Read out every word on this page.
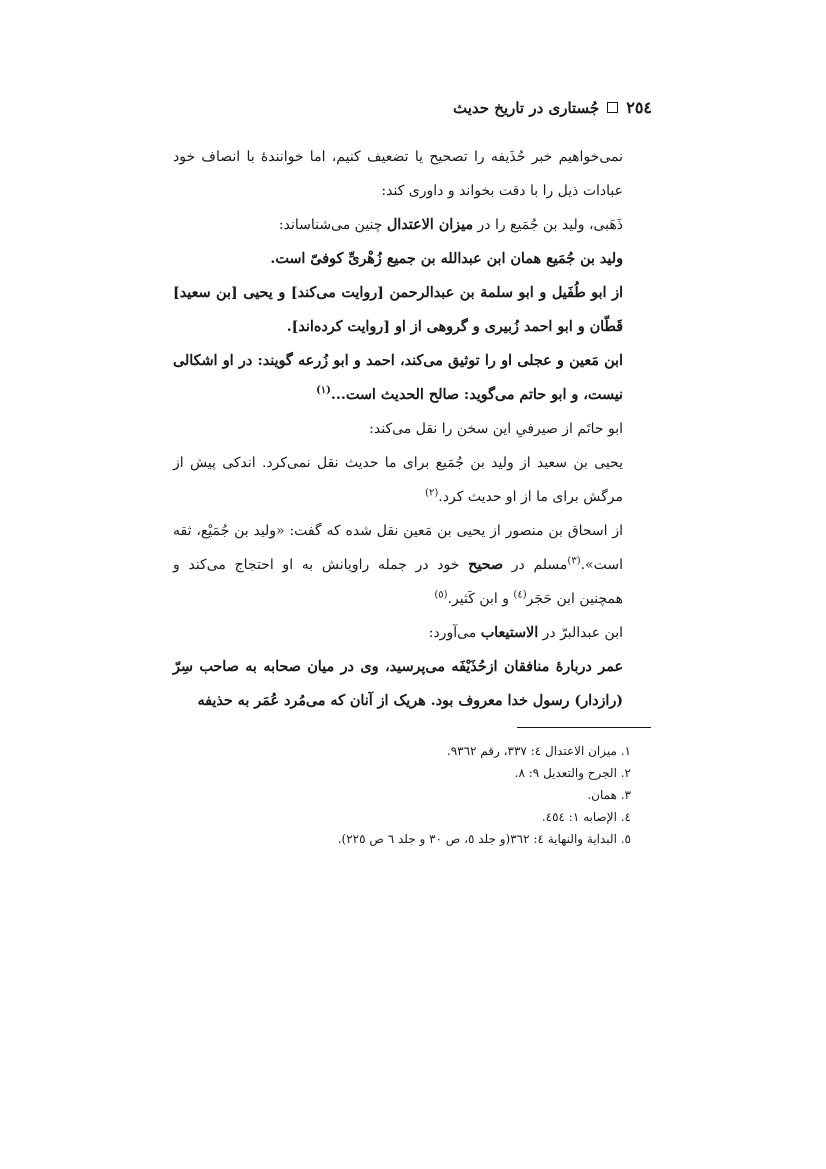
٢٥٤
جُستاری در تاریخ حدیث

نمی‌خواهیم خبر حُذَیفه را تصحیح یا تضعیف کنیم، اما خوانندهٔ با انصاف خود عبادات ذیل را با دقت بخواند و داوری کند:

ذَهَبی، ولید بن جُمَیع را در میزان الاعتدال چنین می‌شناساند:

ولید بن جُمَیع همان ابن عبدالله بن جمیع زُهْریِّ کوفیّ است.

از ابو طُفَیل و ابو سلمة بن عبدالرحمن [روایت می‌کند] و یحیی [بن سعید] قَطّان و ابو احمد زُبیری و گروهی از او [روایت کرده‌اند].

ابن مَعین و عجلی او را توثیق می‌کند، احمد و ابو زُرعه گویند: در او اشکالی نیست، و ابو حاتم می‌گوید: صالح الحدیث است...$^{(١)}$

ابو حاتَم از صیرفیِ این سخن را نقل می‌کند:

یحیی بن سعید از ولید بن جُمَیع برای ما حدیث نقل نمی‌کرد. اندکی پیش از مرگش برای ما از او حدیث کرد.$^{(٢)}$

از اسحاق بن منصور از یحیی بن مَعین نقل شده که گفت: «ولید بن جُمَیْع، ثقه است».$^{(٣)}$مسلم در صحیح خود در جمله راویانش به او احتجاج می‌کند و همچنین ابن حَجَر$^{(٤)}$ و ابن کَثیر.$^{(٥)}$

ابن عبدالبرّ در الاستیعاب می‌آورد:

عمر دربارهٔ منافقان ازحُذَیْفَه می‌پرسید، وی در میان صحابه به صاحب سِرّ (رازدار) رسول خدا معروف بود. هریک از آنان که می‌مُرد عُمَر به حذیفه

١. میزان الاعتدال ٤: ٣٣٧، رقم ٩٣٦٢.

٢. الجرح والتعدیل ٩: ٨.

٣. همان.

٤. الإصابه ١: ٤٥٤.

٥. البدایة والنهایة ٤: ٣٦٢(و جلد ٥، ص ٣٠ و جلد ٦ ص ٢٢٥).
